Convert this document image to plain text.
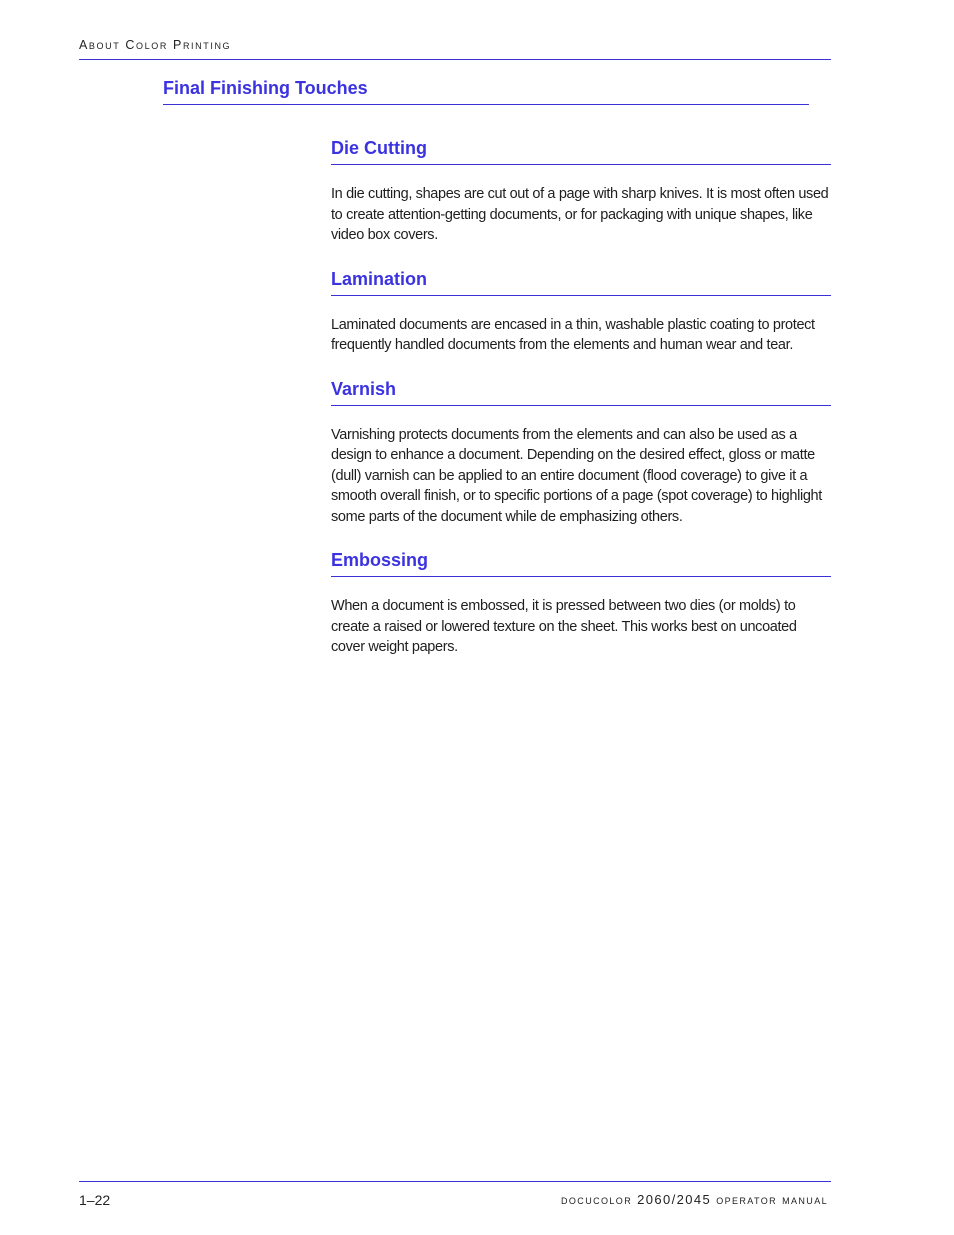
About Color Printing
Final Finishing Touches
Die Cutting

In die cutting, shapes are cut out of a page with sharp knives. It is most often used to create attention-getting documents, or for packaging with unique shapes, like video box covers.

Lamination

Laminated documents are encased in a thin, washable plastic coating to protect frequently handled documents from the elements and human wear and tear.

Varnish

Varnishing protects documents from the elements and can also be used as a design to enhance a document. Depending on the desired effect, gloss or matte (dull) varnish can be applied to an entire document (flood coverage) to give it a smooth overall finish, or to specific portions of a page (spot coverage) to highlight some parts of the document while de emphasizing others.

Embossing

When a document is embossed, it is pressed between two dies (or molds) to create a raised or lowered texture on the sheet. This works best on uncoated cover weight papers.

1–22	docucolor 2060/2045 operator manual
